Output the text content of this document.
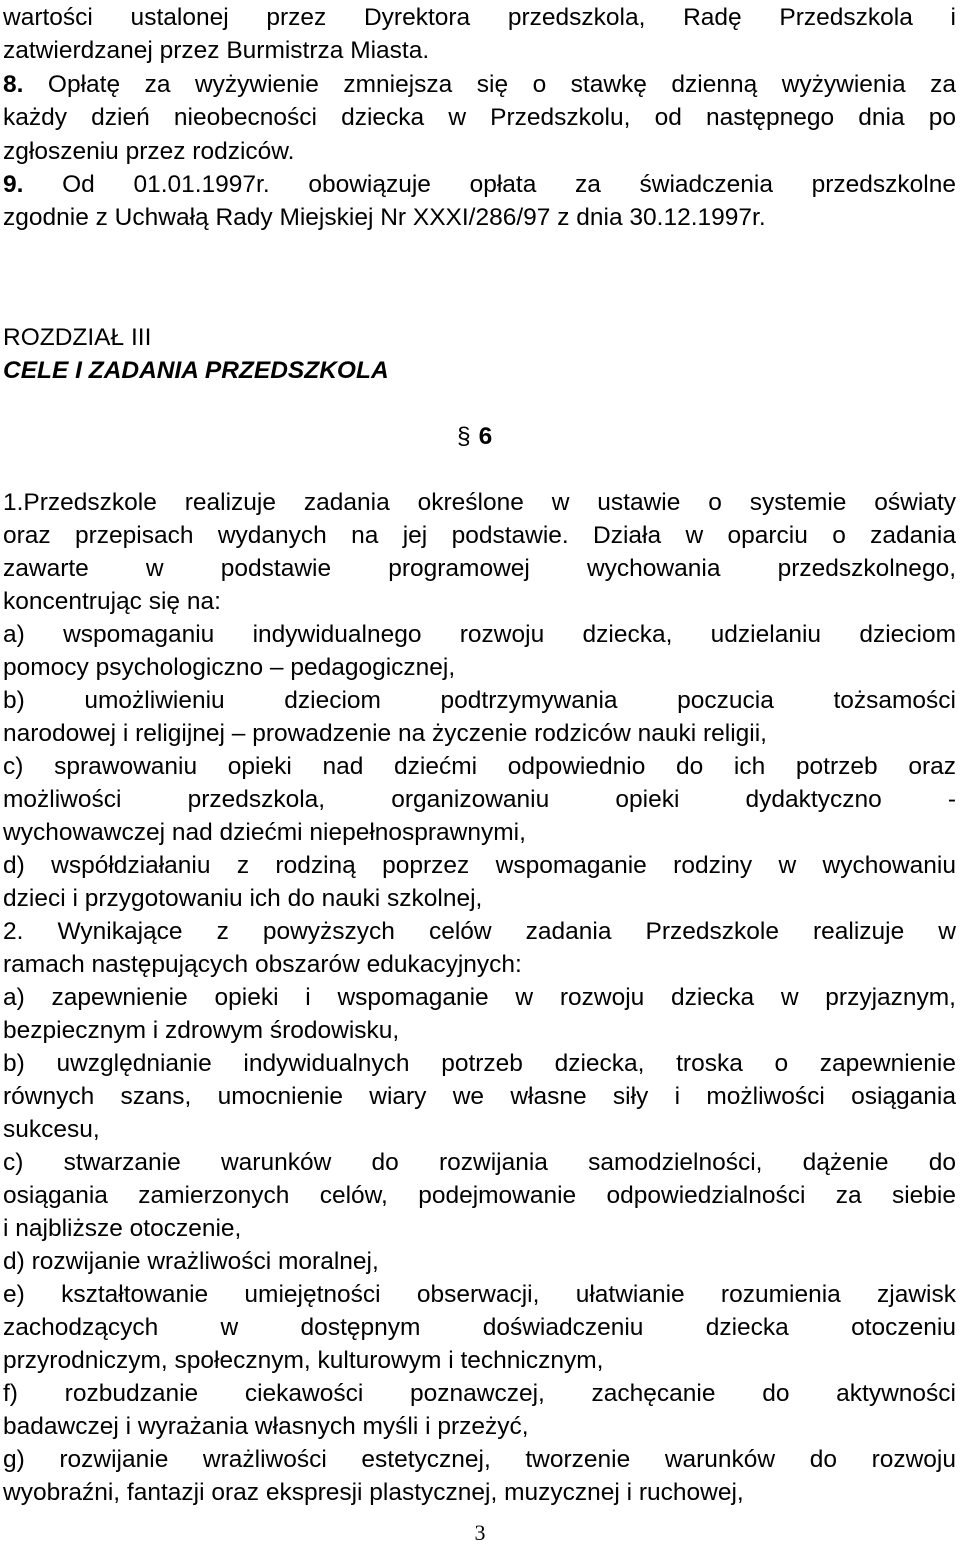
wartości ustalonej przez Dyrektora przedszkola, Radę Przedszkola i
zatwierdzanej przez Burmistrza Miasta.
8. Opłatę za wyżywienie zmniejsza się o stawkę dzienną wyżywienia za
każdy dzień nieobecności dziecka w Przedszkolu, od następnego dnia po
zgłoszeniu przez rodziców.
9. Od 01.01.1997r. obowiązuje opłata za świadczenia przedszkolne
zgodnie z Uchwałą Rady Miejskiej Nr XXXI/286/97 z dnia 30.12.1997r.
ROZDZIAŁ III
CELE I ZADANIA PRZEDSZKOLA
§ 6
1.Przedszkole realizuje zadania określone w ustawie o systemie oświaty
oraz przepisach wydanych na jej podstawie. Działa w oparciu o zadania
zawarte w podstawie programowej wychowania przedszkolnego,
koncentrując się na:
a) wspomaganiu indywidualnego rozwoju dziecka, udzielaniu dzieciom
pomocy psychologiczno – pedagogicznej,
b) umożliwieniu dzieciom podtrzymywania poczucia tożsamości
narodowej i religijnej – prowadzenie na życzenie rodziców nauki religii,
c) sprawowaniu opieki nad dziećmi odpowiednio do ich potrzeb oraz
możliwości przedszkola, organizowaniu opieki dydaktyczno -
wychowawczej nad dziećmi niepełnosprawnymi,
d) współdziałaniu z rodziną poprzez wspomaganie rodziny w wychowaniu
dzieci i przygotowaniu ich do nauki szkolnej,
2. Wynikające z powyższych celów zadania Przedszkole realizuje w
ramach następujących obszarów edukacyjnych:
a) zapewnienie opieki i wspomaganie w rozwoju dziecka w przyjaznym,
bezpiecznym i zdrowym środowisku,
b) uwzględnianie indywidualnych potrzeb dziecka, troska o zapewnienie
równych szans, umocnienie wiary we własne siły i możliwości osiągania
sukcesu,
c) stwarzanie warunków do rozwijania samodzielności, dążenie do
osiągania zamierzonych celów, podejmowanie odpowiedzialności za siebie
i najbliższe otoczenie,
d) rozwijanie wrażliwości moralnej,
e) kształtowanie umiejętności obserwacji, ułatwianie rozumienia zjawisk
zachodzących w dostępnym doświadczeniu dziecka otoczeniu
przyrodniczym, społecznym, kulturowym i technicznym,
f) rozbudzanie ciekawości poznawczej, zachęcanie do aktywności
badawczej i wyrażania własnych myśli i przeżyć,
g) rozwijanie wrażliwości estetycznej, tworzenie warunków do rozwoju
wyobraźni, fantazji oraz ekspresji plastycznej, muzycznej i ruchowej,
3
